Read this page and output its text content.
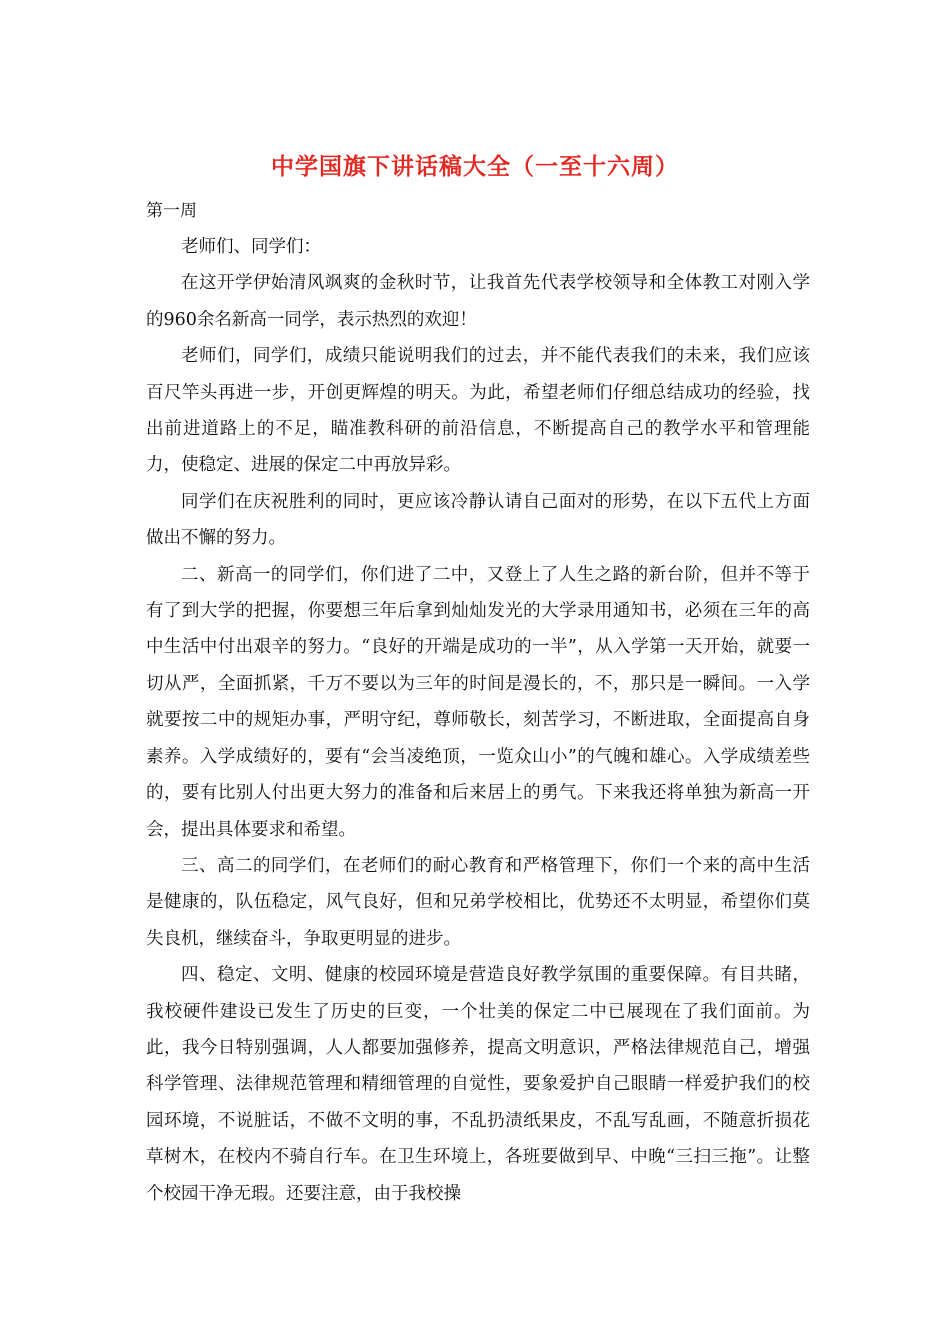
中学国旗下讲话稿大全（一至十六周）
第一周

老师们、同学们：

在这开学伊始清风飒爽的金秋时节，让我首先代表学校领导和全体教工对刚入学的960余名新高一同学，表示热烈的欢迎！

老师们，同学们，成绩只能说明我们的过去，并不能代表我们的未来，我们应该百尺竿头再进一步，开创更辉煌的明天。为此，希望老师们仔细总结成功的经验，找出前进道路上的不足，瞄准教科研的前沿信息，不断提高自己的教学水平和管理能力，使稳定、进展的保定二中再放异彩。

同学们在庆祝胜利的同时，更应该冷静认请自己面对的形势，在以下五代上方面做出不懈的努力。

二、新高一的同学们，你们进了二中，又登上了人生之路的新台阶，但并不等于有了到大学的把握，你要想三年后拿到灿灿发光的大学录用通知书，必须在三年的高中生活中付出艰辛的努力。“良好的开端是成功的一半”，从入学第一天开始，就要一切从严，全面抓紧，千万不要以为三年的时间是漫长的，不，那只是一瞬间。一入学就要按二中的规矩办事，严明守纪，尊师敬长，刻苦学习，不断进取，全面提高自身素养。入学成绩好的，要有“会当凌绝顶，一览众山小”的气魄和雄心。入学成绩差些的，要有比别人付出更大努力的准备和后来居上的勇气。下来我还将单独为新高一开会，提出具体要求和希望。

三、高二的同学们，在老师们的耐心教育和严格管理下，你们一个来的高中生活是健康的，队伍稳定，风气良好，但和兄弟学校相比，优势还不太明显，希望你们莫失良机，继续奋斗，争取更明显的进步。

四、稳定、文明、健康的校园环境是营造良好教学氛围的重要保障。有目共睹，我校硬件建设已发生了历史的巨变，一个壮美的保定二中已展现在了我们面前。为此，我今日特别强调，人人都要加强修养，提高文明意识，严格法律规范自己，增强科学管理、法律规范管理和精细管理的自觉性，要象爱护自己眼睛一样爱护我们的校园环境，不说脏话，不做不文明的事，不乱扔渍纸果皮，不乱写乱画，不随意折损花草树木，在校内不骑自行车。在卫生环境上，各班要做到早、中晚“三扫三拖”。让整个校园干净无瑕。还要注意，由于我校操
